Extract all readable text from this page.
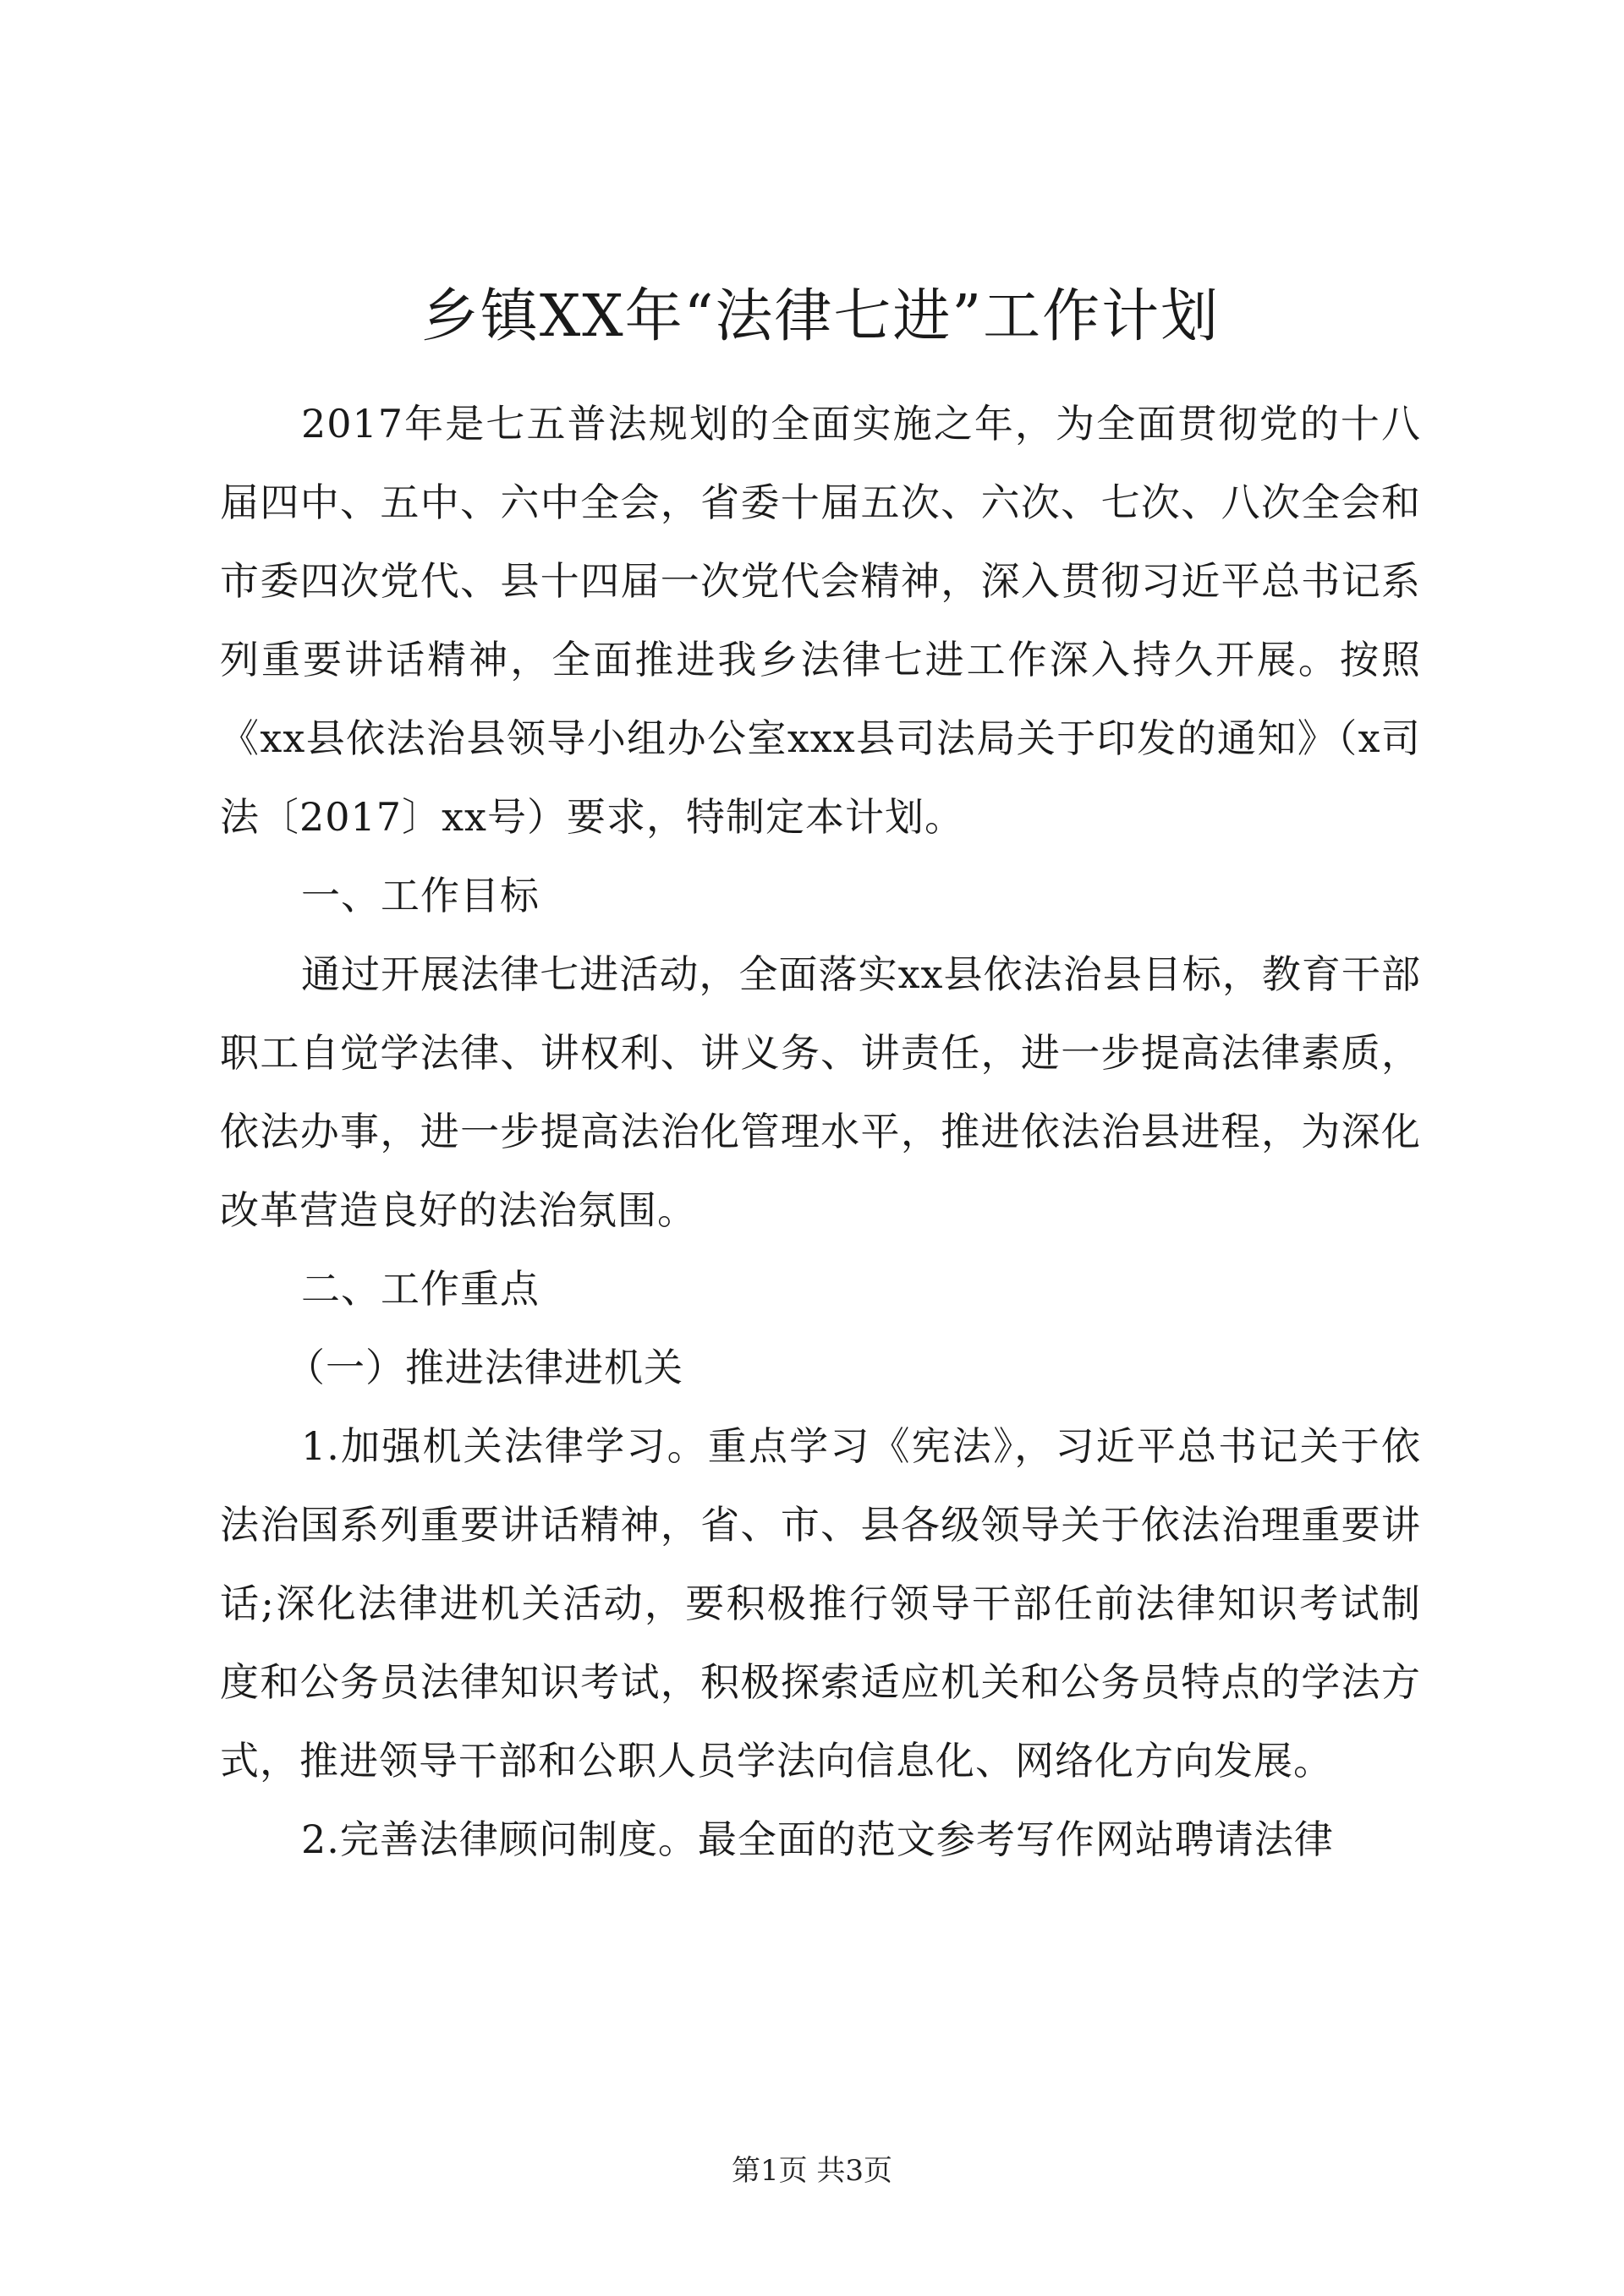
乡镇XX年“法律七进”工作计划

2017年是七五普法规划的全面实施之年，为全面贯彻党的十八届四中、五中、六中全会，省委十届五次、六次、七次、八次全会和市委四次党代、县十四届一次党代会精神，深入贯彻习近平总书记系列重要讲话精神，全面推进我乡法律七进工作深入持久开展。按照《xx县依法治县领导小组办公室xxx县司法局关于印发的通知》（x司法〔2017〕xx号）要求，特制定本计划。

一、工作目标

通过开展法律七进活动，全面落实xx县依法治县目标，教育干部职工自觉学法律、讲权利、讲义务、讲责任，进一步提高法律素质，依法办事，进一步提高法治化管理水平，推进依法治县进程，为深化改革营造良好的法治氛围。

二、工作重点

（一）推进法律进机关

1.加强机关法律学习。重点学习《宪法》，习近平总书记关于依法治国系列重要讲话精神，省、市、县各级领导关于依法治理重要讲话;深化法律进机关活动，要积极推行领导干部任前法律知识考试制度和公务员法律知识考试，积极探索适应机关和公务员特点的学法方式，推进领导干部和公职人员学法向信息化、网络化方向发展。

2.完善法律顾问制度。最全面的范文参考写作网站聘请法律

第1页 共3页
